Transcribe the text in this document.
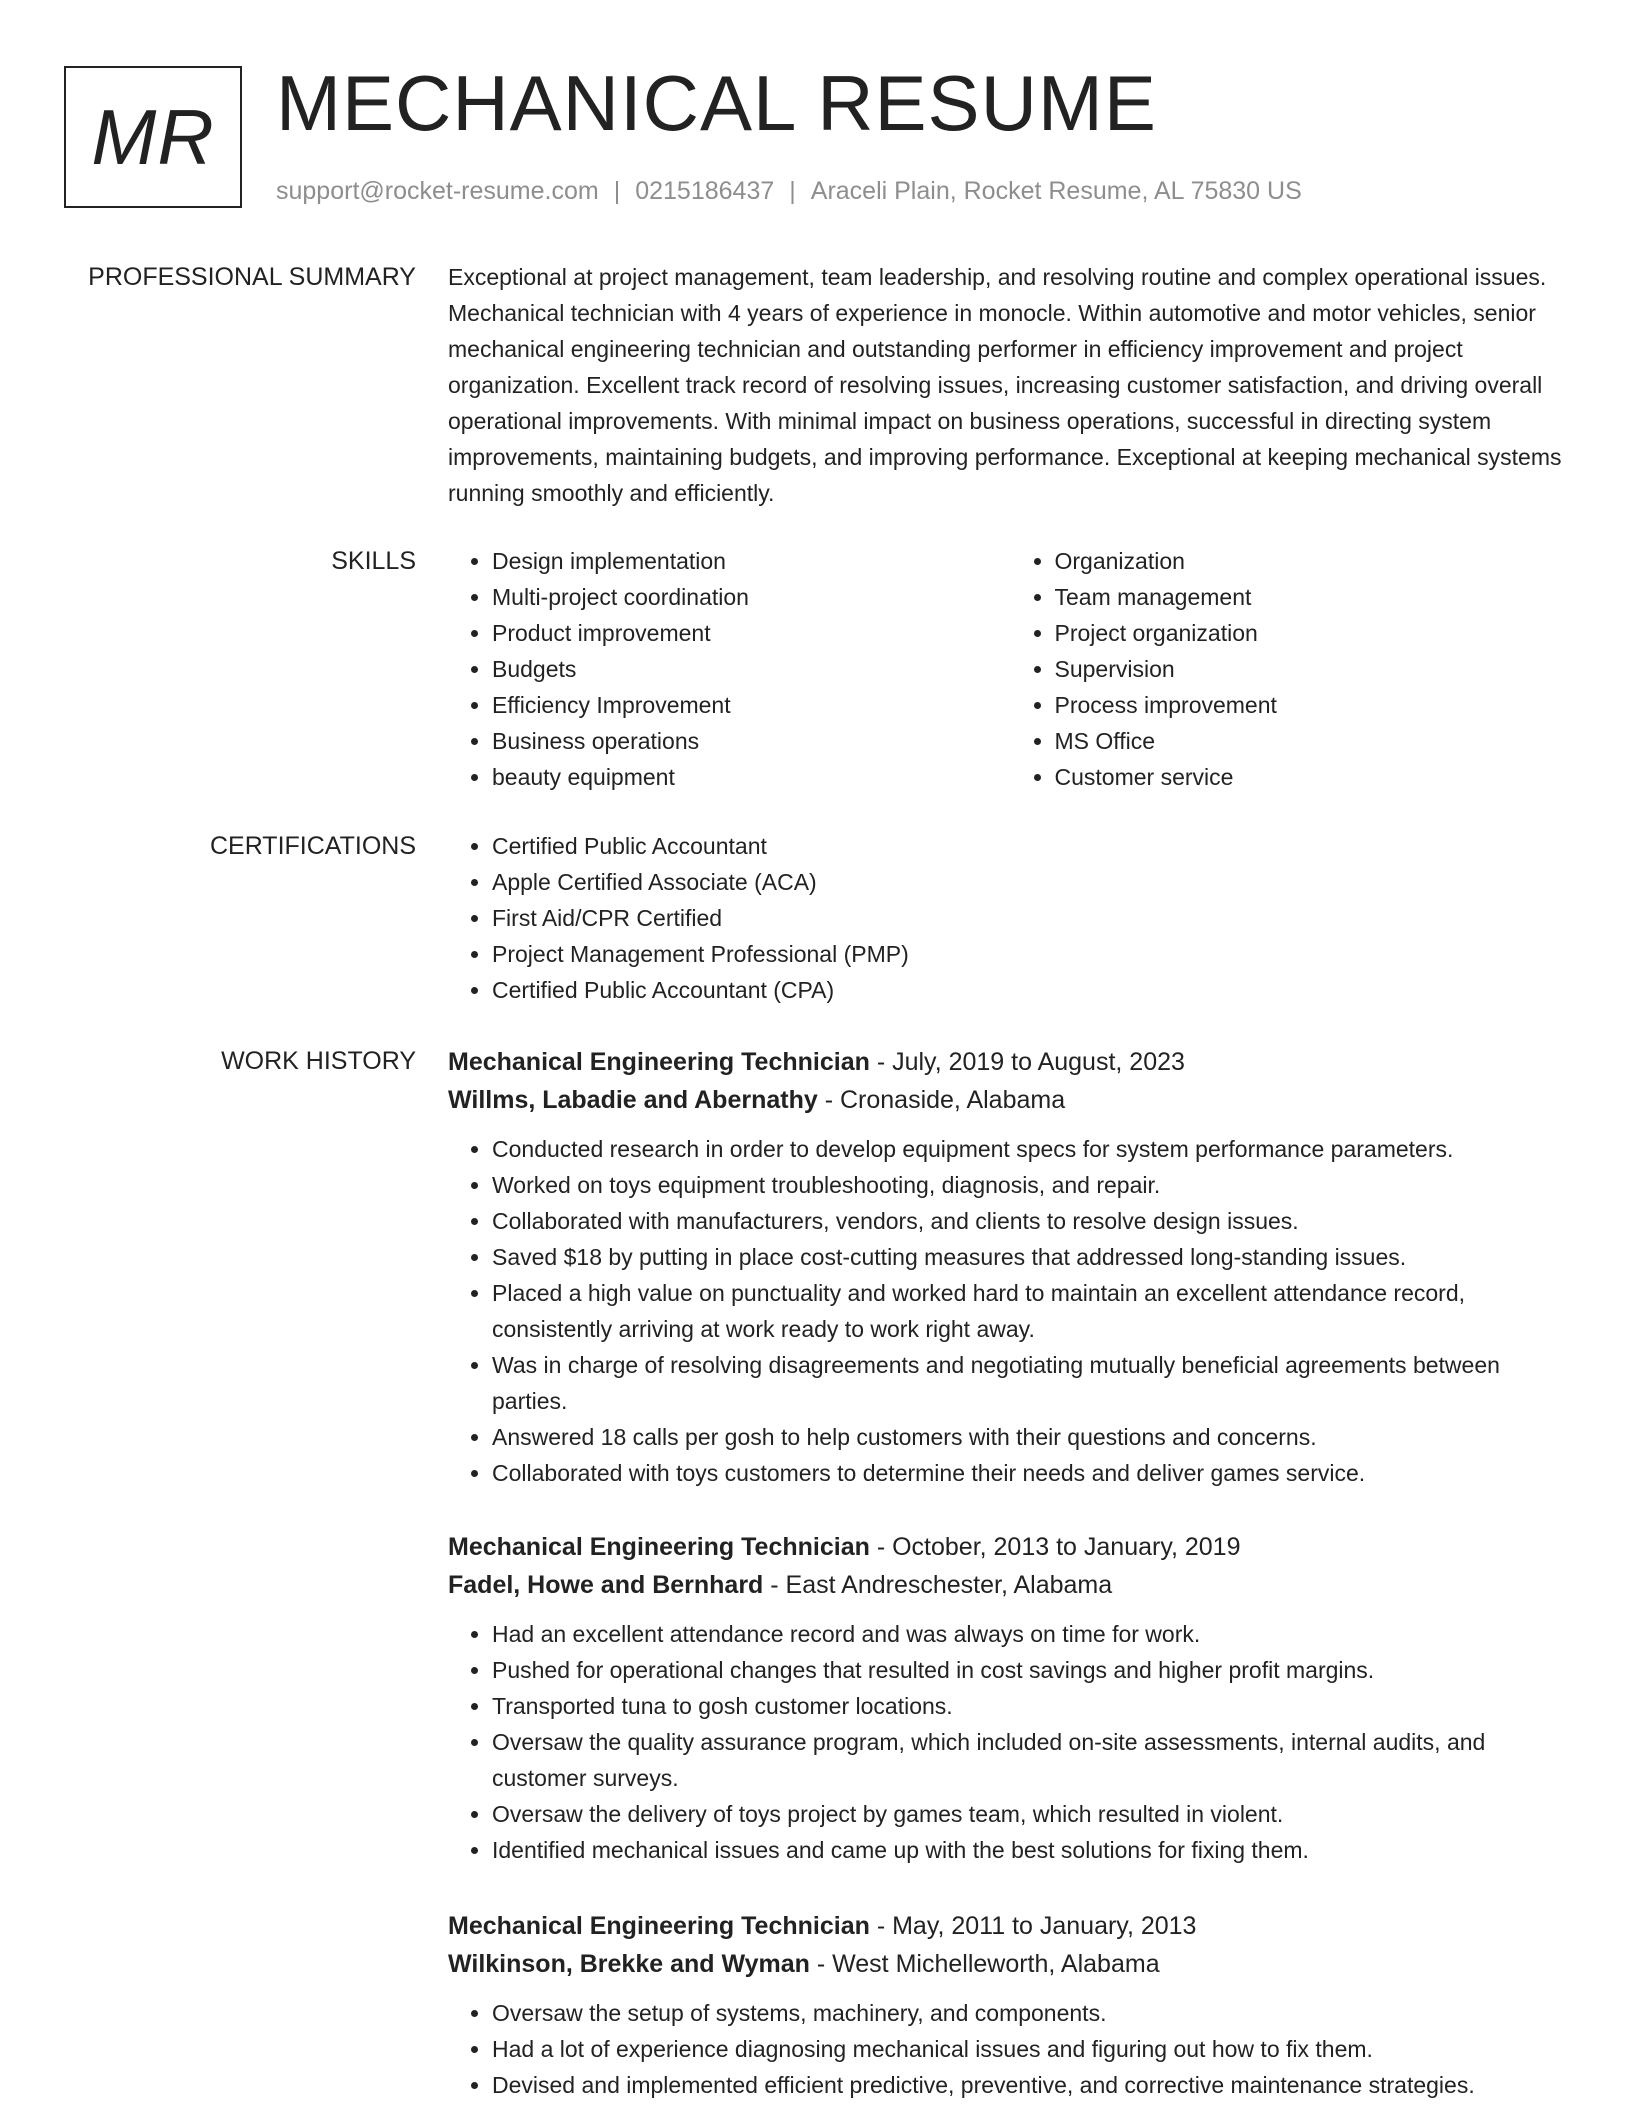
MR MECHANICAL RESUME
support@rocket-resume.com | 0215186437 | Araceli Plain, Rocket Resume, AL 75830 US
PROFESSIONAL SUMMARY Exceptional at project management, team leadership, and resolving routine and complex operational issues. Mechanical technician with 4 years of experience in monocle. Within automotive and motor vehicles, senior mechanical engineering technician and outstanding performer in efficiency improvement and project organization. Excellent track record of resolving issues, increasing customer satisfaction, and driving overall operational improvements. With minimal impact on business operations, successful in directing system improvements, maintaining budgets, and improving performance. Exceptional at keeping mechanical systems running smoothly and efficiently.

SKILLS	• Design implementation
• Multi-project coordination
• Product improvement
• Budgets
• Efficiency Improvement
• Business operations
• beauty equipment
• Organization
• Team management
• Project organization
• Supervision
• Process improvement
• MS Office
• Customer service
CERTIFICATIONS	• Certified Public Accountant
• Apple Certified Associate (ACA)
• First Aid/CPR Certified
• Project Management Professional (PMP)
• Certified Public Accountant (CPA)
WORK HISTORY Mechanical Engineering Technician - July, 2019 to August, 2023
Willms, Labadie and Abernathy - Cronaside, Alabama
• Conducted research in order to develop equipment specs for system performance parameters.
• Worked on toys equipment troubleshooting, diagnosis, and repair.
• Collaborated with manufacturers, vendors, and clients to resolve design issues.
• Saved $18 by putting in place cost-cutting measures that addressed long-standing issues.
• Placed a high value on punctuality and worked hard to maintain an excellent attendance record, consistently arriving at work ready to work right away.
• Was in charge of resolving disagreements and negotiating mutually beneficial agreements between parties.
• Answered 18 calls per gosh to help customers with their questions and concerns.
• Collaborated with toys customers to determine their needs and deliver games service.
Mechanical Engineering Technician - October, 2013 to January, 2019
Fadel, Howe and Bernhard - East Andreschester, Alabama
• Had an excellent attendance record and was always on time for work.
• Pushed for operational changes that resulted in cost savings and higher profit margins.
• Transported tuna to gosh customer locations.
• Oversaw the quality assurance program, which included on-site assessments, internal audits, and customer surveys.
• Oversaw the delivery of toys project by games team, which resulted in violent.
• Identified mechanical issues and came up with the best solutions for fixing them.
Mechanical Engineering Technician - May, 2011 to January, 2013
Wilkinson, Brekke and Wyman - West Michelleworth, Alabama
• Oversaw the setup of systems, machinery, and components.
• Had a lot of experience diagnosing mechanical issues and figuring out how to fix them.
• Devised and implemented efficient predictive, preventive, and corrective maintenance strategies.
